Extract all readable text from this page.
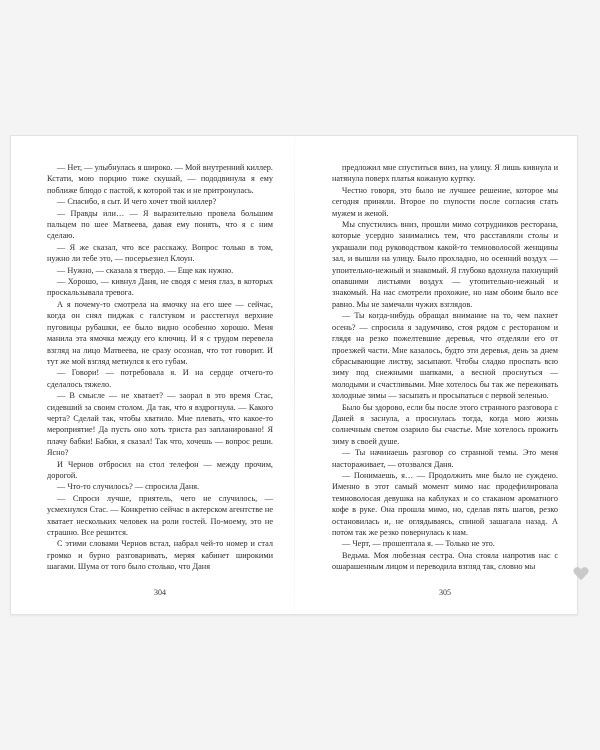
— Нет, — улыбнулась я широко. — Мой внутренний киллер. Кстати, мою порцию тоже скушай, — пододвинула я ему поближе блюдо с пастой, к которой так и не притронулась.

— Спасибо, я сыт. И чего хочет твой киллер?

— Правды или… — Я выразительно провела большим пальцем по шее Матвеева, давая ему понять, что я с ним сделаю.

— Я же сказал, что все расскажу. Вопрос только в том, нужно ли тебе это, — посерьезнел Клоун.

— Нужно, — сказала я твердо. — Еще как нужно.

— Хорошо, — кивнул Даня, не сводя с меня глаз, в которых проскальзывала тревога.

А я почему-то смотрела на ямочку на его шее — сейчас, когда он снял пиджак с галстуком и расстегнул верхние пуговицы рубашки, ее было видно особенно хорошо. Меня манила эта ямочка между его ключиц. И я с трудом перевела взгляд на лицо Матвеева, не сразу осознав, что тот говорит. И тут же мой взгляд метнулся к его губам.

— Говори! — потребовала я. И на сердце отчего-то сделалось тяжело.

— В смысле — не хватает? — заорал в это время Стас, сидевший за своим столом. Да так, что я вздрогнула. — Какого черта? Сделай так, чтобы хватило. Мне плевать, что какое-то мероприятие! Да пусть оно хоть триста раз запланировано! Я плачу бабки! Бабки, я сказал! Так что, хочешь — вопрос реши. Ясно?

И Чернов отбросил на стол телефон — между прочим, дорогой.

— Что-то случилось? — спросила Даня.

— Спроси лучше, приятель, чего не случилось, — усмехнулся Стас. — Конкретно сейчас в актерском агентстве не хватает нескольких человек на роли гостей. По-моему, это не страшно. Все решится.

С этими словами Чернов встал, набрал чей-то номер и стал громко и бурно разговаривать, меряя кабинет широкими шагами. Шума от того было столько, что Даня

304

предложил мне спуститься вниз, на улицу. Я лишь кивнула и натянула поверх платья кожаную куртку.

Честно говоря, это было не лучшее решение, которое мы сегодня приняли. Второе по глупости после согласия стать мужем и женой.

Мы спустились вниз, прошли мимо сотрудников ресторана, которые усердно занимались тем, что расставляли столы и украшали под руководством какой-то темноволосой женщины зал, и вышли на улицу. Было прохладно, но осенний воздух — упоительно-нежный и знакомый. Я глубоко вдохнула пахнущий опавшими листьями воздух — утопительно-нежный и знакомый. На нас смотрели прохожие, но нам обоим было все равно. Мы не замечали чужих взглядов.

— Ты когда-нибудь обращал внимание на то, чем пахнет осень? — спросила я задумчиво, стоя рядом с рестораном и глядя на резко пожелтевшие деревья, что отделяли его от проезжей части. Мне казалось, будто эти деревья, день за днем сбрасывающие листву, засыпают. Чтобы сладко проспать всю зиму под снежными шапками, а весной проснуться — молодыми и счастливыми. Мне хотелось бы так же переживать холодные зимы — засыпать и просыпаться с первой зеленью.

Было бы здорово, если бы после этого странного разговора с Даней я заснула, а проснулась тогда, когда мою жизнь солнечным светом озарило бы счастье. Мне хотелось прожить зиму в своей душе.

— Ты начинаешь разговор со странной темы. Это меня настораживает, — отозвался Даня.

— Понимаешь, я… — Продолжить мне было не суждено. Именно в этот самый момент мимо нас продефилировала темноволосая девушка на каблуках и со стаканом ароматного кофе в руке. Она прошла мимо, но, сделав пять шагов, резко остановилась и, не оглядываясь, спиной зашагала назад. А потом так же резко повернулась к нам.

— Черт, — прошептала я. — Только не это.

Ведьма. Моя любезная сестра. Она стояла напротив нас с ошарашенным лицом и переводила взгляд так, словно мы

305
